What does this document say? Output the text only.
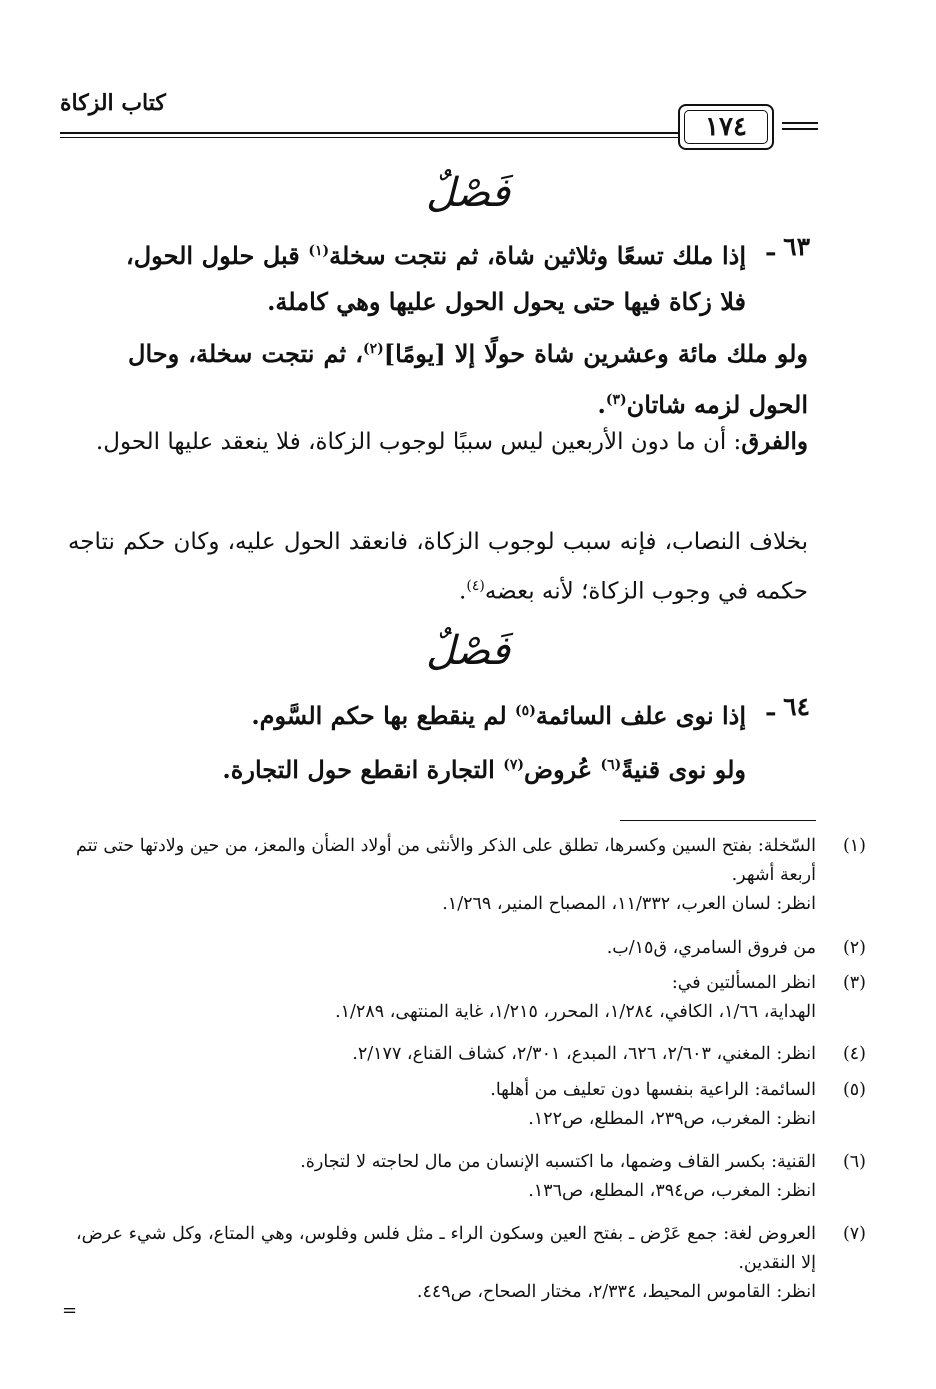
كتاب الزكاة
١٧٤
فَصْلٌ
٦٣ ـ

إذا ملك تسعًا وثلاثين شاة، ثم نتجت سخلة$^{(١)}$ قبل حلول الحول، فلا زكاة فيها حتى يحول الحول عليها وهي كاملة.

ولو ملك مائة وعشرين شاة حولًا إلا [يومًا]$^{(٢)}$، ثم نتجت سخلة، وحال الحول لزمه شاتان$^{(٣)}$.

والفرق: أن ما دون الأربعين ليس سببًا لوجوب الزكاة، فلا ينعقد عليها الحول.

بخلاف النصاب، فإنه سبب لوجوب الزكاة، فانعقد الحول عليه، وكان حكم نتاجه حكمه في وجوب الزكاة؛ لأنه بعضه$^{(٤)}$.

فَصْلٌ
٦٤ ـ

إذا نوى علف السائمة$^{(٥)}$ لم ينقطع بها حكم السَّوم.

ولو نوى قنيةً$^{(٦)}$ عُروض$^{(٧)}$ التجارة انقطع حول التجارة.

(١)

السّخلة: بفتح السين وكسرها، تطلق على الذكر والأنثى من أولاد الضأن والمعز، من حين ولادتها حتى تتم أربعة أشهر.

انظر: لسان العرب، ١١/٣٣٢، المصباح المنير، ١/٢٦٩.

(٢)

من فروق السامري، ق١٥/ب.

(٣)

انظر المسألتين في:

الهداية، ١/٦٦، الكافي، ١/٢٨٤، المحرر، ١/٢١٥، غاية المنتهى، ١/٢٨٩.

(٤)

انظر: المغني، ٢/٦٠٣، ٦٢٦، المبدع، ٢/٣٠١، كشاف القناع، ٢/١٧٧.

(٥)

السائمة: الراعية بنفسها دون تعليف من أهلها.

انظر: المغرب، ص٢٣٩، المطلع، ص١٢٢.

(٦)

القنية: بكسر القاف وضمها، ما اكتسبه الإنسان من مال لحاجته لا لتجارة.

انظر: المغرب، ص٣٩٤، المطلع، ص١٣٦.

(٧)

العروض لغة: جمع عَرْض ـ بفتح العين وسكون الراء ـ مثل فلس وفلوس، وهي المتاع، وكل شيء عرض، إلا النقدين.

انظر: القاموس المحيط، ٢/٣٣٤، مختار الصحاح، ص٤٤٩.

=
